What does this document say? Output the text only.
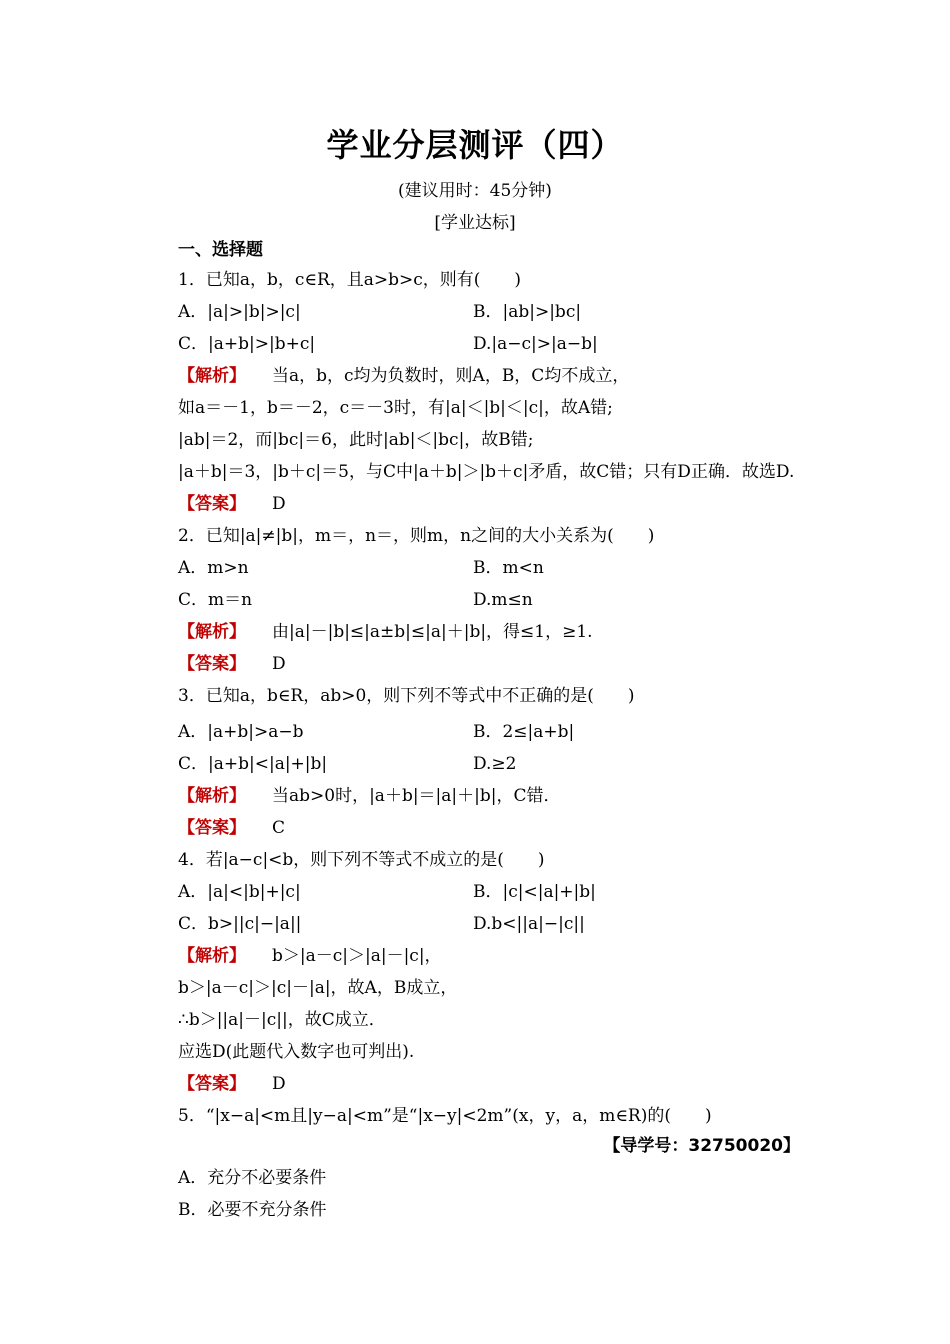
学业分层测评（四）
(建议用时：45分钟)
[学业达标]
一、选择题
1．已知a，b，c∈R，且a>b>c，则有(　　)
A．|a|>|b|>|c|	B．|ab|>|bc|
C．|a+b|>|b+c|	D.|a−c|>|a−b|
【解析】 当a，b，c均为负数时，则A，B，C均不成立，
如a＝－1，b＝－2，c＝－3时，有|a|＜|b|＜|c|，故A错;
|ab|＝2，而|bc|＝6，此时|ab|＜|bc|，故B错;
|a＋b|＝3，|b＋c|＝5，与C中|a＋b|＞|b＋c|矛盾，故C错；只有D正确．故选D.
【答案】 D
2．已知|a|≠|b|，m＝，n＝，则m，n之间的大小关系为(　　)
A．m>n	B．m<n
C．m＝n	D.m≤n
【解析】 由|a|－|b|≤|a±b|≤|a|＋|b|，得≤1，≥1.
【答案】 D
3．已知a，b∈R，ab>0，则下列不等式中不正确的是(　　)
A．|a+b|>a−b	B．2≤|a+b|
C．|a+b|<|a|+|b|	D.≥2
【解析】 当ab>0时，|a＋b|＝|a|＋|b|，C错．
【答案】 C
4．若|a−c|<b，则下列不等式不成立的是(　　)
A．|a|<|b|+|c|	B．|c|<|a|+|b|
C．b>||c|−|a||	D.b<||a|−|c||
【解析】 b＞|a－c|＞|a|－|c|，
b＞|a－c|＞|c|－|a|，故A，B成立，
∴b＞||a|－|c||，故C成立．
应选D(此题代入数字也可判出).
【答案】 D
5．“|x−a|<m且|y−a|<m”是“|x−y|<2m”(x，y，a，m∈R)的(　　)
【导学号：32750020】
A．充分不必要条件
B．必要不充分条件
